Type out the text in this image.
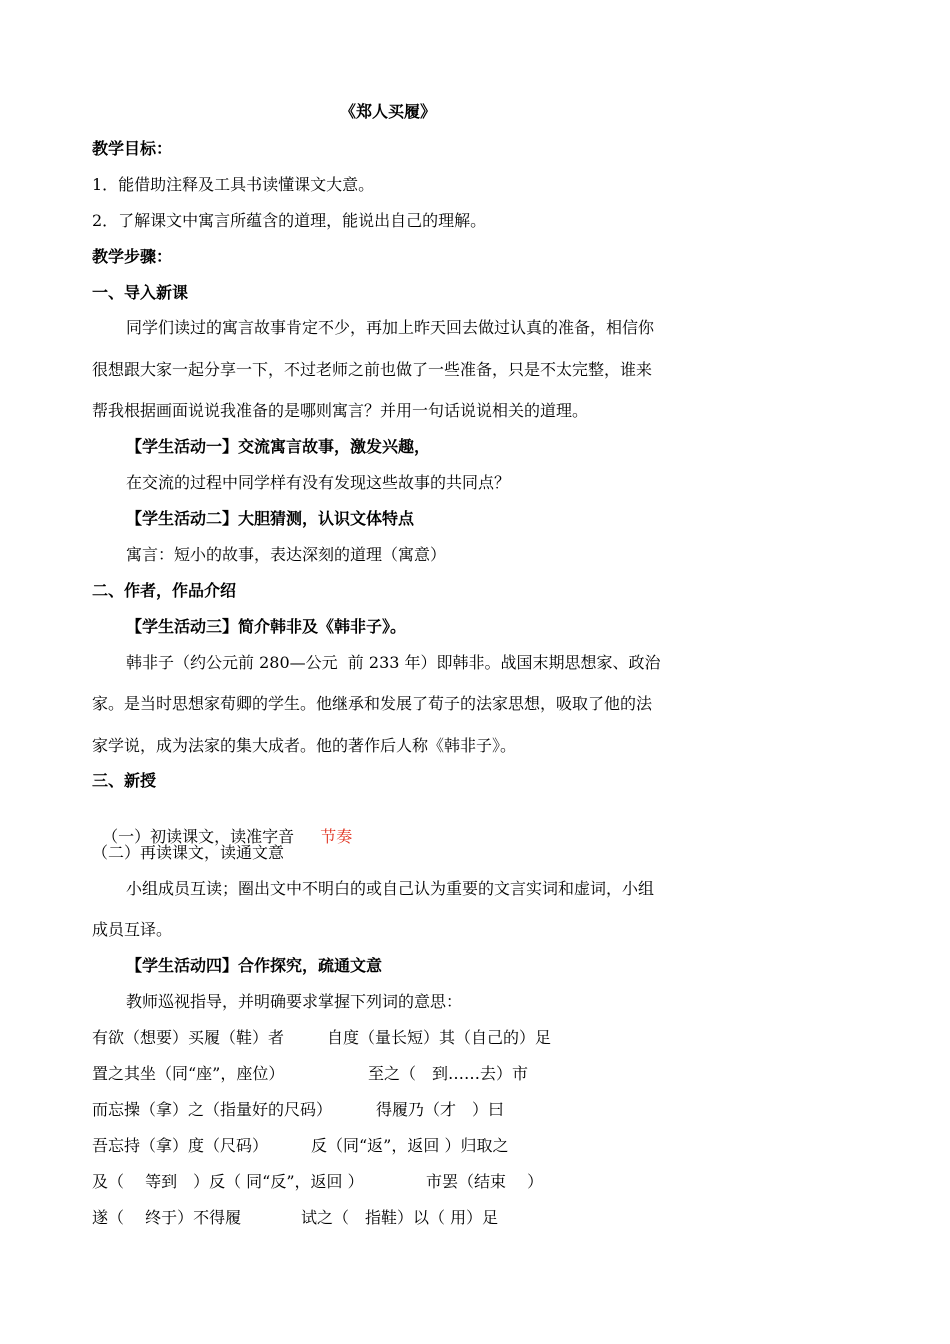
《郑人买履》
教学目标：
1．能借助注释及工具书读懂课文大意。
2．了解课文中寓言所蕴含的道理，能说出自己的理解。
教学步骤：
一、导入新课
同学们读过的寓言故事肯定不少，再加上昨天回去做过认真的准备，相信你
很想跟大家一起分享一下，不过老师之前也做了一些准备，只是不太完整，谁来
帮我根据画面说说我准备的是哪则寓言？并用一句话说说相关的道理。
【学生活动一】交流寓言故事，激发兴趣，
在交流的过程中同学样有没有发现这些故事的共同点？
【学生活动二】大胆猜测，认识文体特点
寓言：短小的故事，表达深刻的道理（寓意）
二、作者，作品介绍
【学生活动三】简介韩非及《韩非子》。
韩非子（约公元前 280—公元  前 233 年）即韩非。战国末期思想家、政治
家。是当时思想家荀卿的学生。他继承和发展了荀子的法家思想，吸取了他的法
家学说，成为法家的集大成者。他的著作后人称《韩非子》。
三、新授

（一）初读课文，读准字音 节奏

（二）再读课文，读通文意
小组成员互读；圈出文中不明白的或自己认为重要的文言实词和虚词，小组
成员互译。
【学生活动四】合作探究，疏通文意
教师巡视指导，并明确要求掌握下列词的意思：
有欲（想要）买履（鞋）者	自度（量长短）其（自己的）足
置之其坐（同“座”，座位）	至之（　到……去）市
而忘操（拿）之（指量好的尺码）	得履乃（才　）曰
吾忘持（拿）度（尺码）	反（同“返”，返回 ）归取之
及（　 等到　）反（ 同“反”，返回 ）	市罢（结束　 ）
遂（　 终于）不得履	试之（　指鞋）以（ 用）足
